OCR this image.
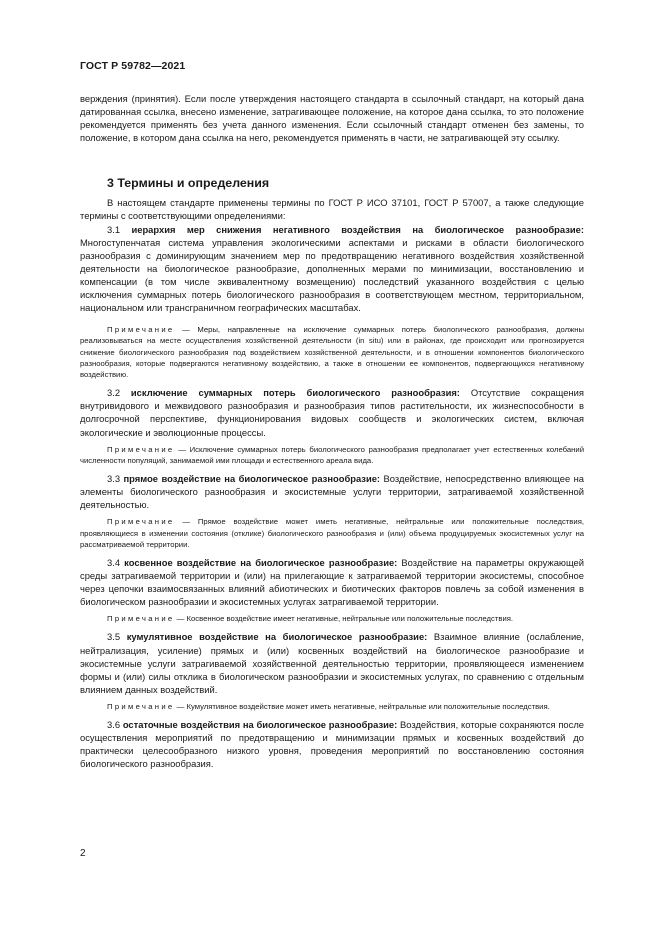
ГОСТ Р 59782—2021

верждения (принятия). Если после утверждения настоящего стандарта в ссылочный стандарт, на который дана датированная ссылка, внесено изменение, затрагивающее положение, на которое дана ссылка, то это положение рекомендуется применять без учета данного изменения. Если ссылочный стандарт отменен без замены, то положение, в котором дана ссылка на него, рекомендуется применять в части, не затрагивающей эту ссылку.

3 Термины и определения

В настоящем стандарте применены термины по ГОСТ Р ИСО 37101, ГОСТ Р 57007, а также следующие термины с соответствующими определениями:

3.1 иерархия мер снижения негативного воздействия на биологическое разнообразие: Многоступенчатая система управления экологическими аспектами и рисками в области биологического разнообразия с доминирующим значением мер по предотвращению негативного воздействия хозяйственной деятельности на биологическое разнообразие, дополненных мерами по минимизации, восстановлению и компенсации (в том числе эквивалентному возмещению) последствий указанного воздействия с целью исключения суммарных потерь биологического разнообразия в соответствующем местном, территориальном, национальном или трансграничном географических масштабах.

Примечание — Меры, направленные на исключение суммарных потерь биологического разнообразия, должны реализовываться на месте осуществления хозяйственной деятельности (in situ) или в районах, где происходит или прогнозируется снижение биологического разнообразия под воздействием хозяйственной деятельности, и в отношении компонентов биологического разнообразия, которые подвергаются негативному воздействию, а также в отношении ее компонентов, подвергающихся негативному воздействию.

3.2 исключение суммарных потерь биологического разнообразия: Отсутствие сокращения внутривидового и межвидового разнообразия и разнообразия типов растительности, их жизнеспособности в долгосрочной перспективе, функционирования видовых сообществ и экологических систем, включая экологические и эволюционные процессы.

Примечание — Исключение суммарных потерь биологического разнообразия предполагает учет естественных колебаний численности популяций, занимаемой ими площади и естественного ареала вида.

3.3 прямое воздействие на биологическое разнообразие: Воздействие, непосредственно влияющее на элементы биологического разнообразия и экосистемные услуги территории, затрагиваемой хозяйственной деятельностью.

Примечание — Прямое воздействие может иметь негативные, нейтральные или положительные последствия, проявляющиеся в изменении состояния (отклике) биологического разнообразия и (или) объема продуцируемых экосистемных услуг на рассматриваемой территории.

3.4 косвенное воздействие на биологическое разнообразие: Воздействие на параметры окружающей среды затрагиваемой территории и (или) на прилегающие к затрагиваемой территории экосистемы, способное через цепочки взаимосвязанных влияний абиотических и биотических факторов повлечь за собой изменения в биологическом разнообразии и экосистемных услугах затрагиваемой территории.

Примечание — Косвенное воздействие имеет негативные, нейтральные или положительные последствия.

3.5 кумулятивное воздействие на биологическое разнообразие: Взаимное влияние (ослабление, нейтрализация, усиление) прямых и (или) косвенных воздействий на биологическое разнообразие и экосистемные услуги затрагиваемой хозяйственной деятельностью территории, проявляющееся изменением формы и (или) силы отклика в биологическом разнообразии и экосистемных услугах, по сравнению с отдельным влиянием данных воздействий.

Примечание — Кумулятивное воздействие может иметь негативные, нейтральные или положительные последствия.

3.6 остаточные воздействия на биологическое разнообразие: Воздействия, которые сохраняются после осуществления мероприятий по предотвращению и минимизации прямых и косвенных воздействий до практически целесообразного низкого уровня, проведения мероприятий по восстановлению состояния биологического разнообразия.

2
